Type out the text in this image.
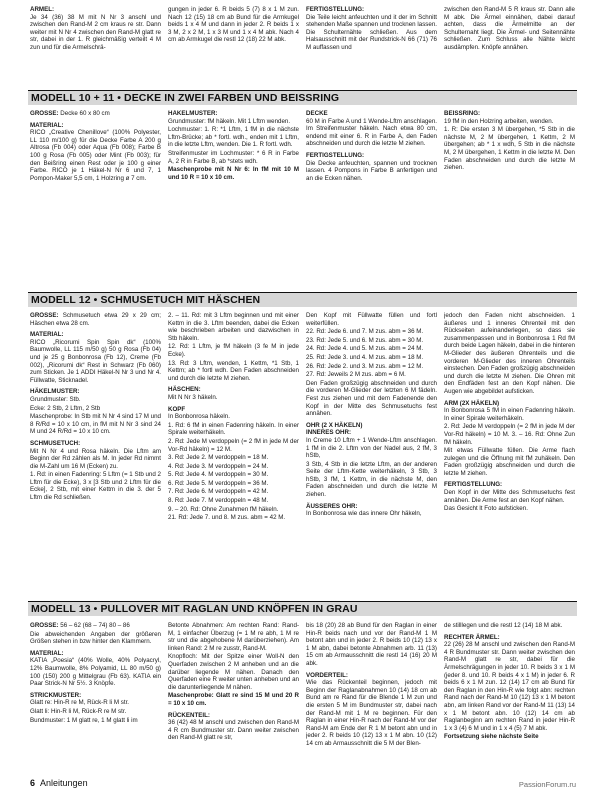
ÄRMEL:
Je 34 (36) 38 M mit N Nr 3 anschl und zwischen den Rand-M 2 cm kraus re str. Dann weiter mit N Nr 4 zwischen den Rand-M glatt re str, dabei in der 1. R gleichmäßig verteilt 4 M zun und für die Armelschrä-

gungen in jeder 6. R beids 5 (7) 8 x 1 M zun. Nach 12 (15) 18 cm ab Bund für die Armkugel beids 1 x 4 M und dann in jeder 2. R beids 1 x 3 M, 2 x 2 M, 1 x 3 M und 1 x 4 M abk. Nach 4 cm ab Armkugel die restl 12 (18) 22 M abk.

FERTIGSTELLUNG:
Die Teile leicht anfeuchten und it der im Schnitt stehenden Maße spannen und trocknen lassen. Die Schulternähte schließen. Aus dem Halsausschnitt mit der Rundstrick-N 66 (71) 76 M auffassen und

zwischen den Rand-M 5 R kraus str. Dann alle M abk. Die Ärmel einnähen, dabei darauf achten, dass die Ärmelmitte an der Schulternaht liegt. Die Ärmel- und Seitennähte schließen. Zum Schluss alle Nähte leicht ausdämpfen. Knöpfe annähen.

MODELL 10 + 11 • DECKE IN ZWEI FARBEN UND BEISSRING

GRÖSSE: Decke 60 x 80 cm

MATERIAL:

RICO „Creative Chenillove“ (100% Polyester, LL 110 m/100 g) für die Decke Farbe A 200 g Altrosa (Fb 004) oder Aqua (Fb 008); Farbe B 100 g Rosa (Fb 005) oder Mint (Fb 003); für den Beißring einen Rest oder je 100 g einer Farbe. RICO je 1 Häkel-N Nr 6 und 7, 1 Pompon-Maker 5,5 cm, 1 Holzring ø 7 cm.

HÄKELMUSTER:

Grundmuster: fM häkeln. Mit 1 Lftm wenden.

Lochmuster: 1. R: *1 Lftm, 1 fM in die nächste Lftm-Brücke; ab * fortl. wdh., enden mit 1 Lftm, in die letzte Lftm, wenden. Die 1. R fortl. wdh.

Streifenmuster im Lochmuster: * 6 R in Farbe A, 2 R in Farbe B, ab *stets wdh.

Maschenprobe mit N Nr 6: In fM mit 10 M und 10 R = 10 x 10 cm.

DECKE

60 M in Farbe A und 1 Wende-Lftm anschlagen. Im Streifenmuster häkeln. Nach etwa 80 cm, endend mit einer 6. R in Farbe A, den Faden abschneiden und durch die letzte M ziehen.

FERTIGSTELLUNG:

Die Decke anfeuchten, spannen und trocknen lassen. 4 Pompons in Farbe B anfertigen und an die Ecken nähen.

BEISSRING:

19 fM in den Holzring arbeiten, wenden.

1. R: Die ersten 3 M übergehen, *5 Stb in die nächste M, 2 M übergehen, 1 Kettm, 2 M übergehen; ab * 1 x wdh, 5 Stb in die nächste M, 2 M übergehen, 1 Kettm in die letzte M. Den Faden abschneiden und durch die letzte M ziehen.

MODELL 12 • SCHMUSETUCH MIT HÄSCHEN

GRÖSSE: Schmusetuch etwa 29 x 29 cm; Häschen etwa 28 cm.

MATERIAL:

RICO „Ricorumi Spin Spin dk“ (100% Baumwolle, LL 115 m/50 g) 50 g Rosa (Fb 04) und je 25 g Bonbonrosa (Fb 12), Creme (Fb 002), „Ricorumi dk“ Rest in Schwarz (Fb 060) zum Sticken. Je 1 ADDI Häkel-N Nr 3 und Nr 4. Füllwatte, Sticknadel.

HÄKELMUSTER:

Grundmuster: Stb.

Ecke: 2 Stb, 2 Lftm, 2 Stb

Maschenprobe: In Stb mit N Nr 4 sind 17 M und 8 R/Rd = 10 x 10 cm, in fM mit N Nr 3 sind 24 M und 24 R/Rd = 10 x 10 cm.

SCHMUSETUCH:

Mit N Nr 4 und Rosa häkeln. Die Lftm am Beginn der Rd zählen als M. In jeder Rd nimmt die M-Zahl um 16 M (Ecken) zu.

1. Rd: in einen Fadenring: 5 Lftm (= 1 Stb und 2 Lftm für die Ecke), 3 x [3 Stb und 2 Lftm für die Ecke], 2 Stb, mit einer Kettm in die 3. der 5 Lftm die Rd schließen.

2. – 11. Rd: mit 3 Lftm beginnen und mit einer Kettm in die 3. Lftm beenden, dabei die Ecken wie beschrieben arbeiten und dazwischen in Stb häkeln.

12. Rd: 1 Lftm, je fM häkeln (3 fe M in jede Ecke).

13. Rd: 3 Lftm, wenden, 1 Kettm, *1 Stb, 1 Kettm; ab * fortl wdh. Den Faden abschneiden und durch die letzte M ziehen.

HÄSCHEN:

Mit N Nr 3 häkeln.

KOPF

In Bonbonrosa häkeln.

1. Rd: 6 fM in einen Fadenring häkeln. In einer Spirale weiterhäkeln.

2. Rd: Jede M verdoppeln (= 2 fM in jede M der Vor-Rd häkeln) = 12 M.

3. Rd: Jede 2. M verdoppeln = 18 M.

4. Rd: Jede 3. M verdoppeln = 24 M.

5. Rd: Jede 4. M verdoppeln = 30 M.

6. Rd: Jede 5. M verdoppeln = 36 M.

7. Rd: Jede 6. M verdoppeln = 42 M.

8. Rd: Jede 7. M verdoppeln = 48 M.

9. – 20. Rd: Ohne Zunahmen fM häkeln.

21. Rd: Jede 7. und 8. M zus. abm = 42 M.

Den Kopf mit Füllwatte füllen und fortl weiterfüllen.

22. Rd: Jede 6. und 7. M zus. abm = 36 M.

23. Rd: Jede 5. und 6. M zus. abm = 30 M.

24. Rd: Jede 4. und 5. M zus. abm = 24 M.

25. Rd: Jede 3. und 4. M zus. abm = 18 M.

26. Rd: Jede 2. und 3. M zus. abm = 12 M.

27. Rd: Jeweils 2 M zus. abm = 6 M.

Den Faden großzügig abschneiden und durch die vorderen M-Glieder der letzten 6 M fädeln. Fest zus ziehen und mit dem Fadenende den Kopf in der Mitte des Schmusetuchs fest annähen.

OHR (2 X HÄKELN)
INNERES OHR:

In Creme 10 Lftm + 1 Wende-Lftm anschlagen. 1 fM in die 2. Lftm von der Nadel aus, 2 fM, 3 hStb,

3 Stb, 4 Stb in die letzte Lftm, an der anderen Seite der Lftm-Kette weiterhäkeln, 3 Stb, 3 hStb, 3 fM, 1 Kettm, in die nächste M, den Faden abschneiden und durch die letzte M ziehen.

ÄUSSERES OHR:

In Bonbonrosa wie das innere Ohr häkeln,

jedoch den Faden nicht abschneiden. 1 äußeres und 1 inneres Ohrenteil mit den Rückseiten aufeinanderlegen, so dass sie zusammenpassen und in Bonbonrosa 1 Rd fM durch beide Lagen häkeln, dabei in die hinteren M-Glieder des äußeren Ohrenteils und die vorderen M-Glieder des inneren Ohrenteils einstechen. Den Faden großzügig abschneiden und durch die letzte M ziehen. Die Ohren mit den Endfäden fest an den Kopf nähen. Die Augen wie abgebildet aufsticken.

ARM (2X HÄKELN)

In Bonbonrosa 5 fM in einen Fadenring häkeln. In einer Spirale weiterhäkeln.

2. Rd: Jede M verdoppeln (= 2 fM in jede M der Vor-Rd häkeln) = 10 M. 3. – 16. Rd: Ohne Zun fM häkeln.

Mit etwas Füllwatte füllen. Die Arme flach zulegen und die Öffnung mit fM zuhäkeln. Den Faden großzügig abschneiden und durch die letzte M ziehen.

FERTIGSTELLUNG:

Den Kopf in der Mitte des Schmusetuchs fest annähen. Die Arme fest an den Kopf nähen.

Das Gesicht lt Foto aufsticken.

MODELL 13 • PULLOVER MIT RAGLAN UND KNÖPFEN IN GRAU

GRÖSSE: 56 – 62 (68 – 74) 80 – 86

Die abweichenden Angaben der größeren Größen stehen in bzw hinter den Klammern.

MATERIAL:

KATIA „Poesia“ (40% Wolle, 40% Polyacryl, 12% Baumwolle, 8% Polyamid, LL 80 m/50 g) 100 (150) 200 g Mittelgrau (Fb 63). KATIA ein Paar Strick-N Nr 5½. 3 Knöpfe.

STRICKMUSTER:

Glatt re: Hin-R re M, Rück-R li M str.

Glatt li: Hin-R li M, Rück-R re M str.

Bundmuster: 1 M glatt re, 1 M glatt li im

Betonte Abnahmen: Am rechten Rand: Rand-M, 1 einfacher Überzug (= 1 M re abh, 1 M re str und die abgehobene M darüberziehen). Am linken Rand: 2 M re zusstr, Rand-M.

Knopfloch: Mit der Spitze einer Woll-N den Querfaden zwischen 2 M anheben und an die darüber liegende M nähen. Danach den Querfaden eine R weiter unten anheben und an die darunterliegende M nähen.

Maschenprobe: Glatt re sind 15 M und 20 R = 10 x 10 cm.

RÜCKENTEIL:

36 (42) 48 M anschl und zwischen den Rand-M 4 R cm Bundmuster str. Dann weiter zwischen den Rand-M glatt re str,

bis 18 (20) 28 ab Bund für den Raglan in einer Hin-R beids nach und vor der Rand-M 1 M betont abn und in jeder 2. R beids 10 (12) 13 x 1 M abn, dabei betonte Abnahmen arb. 11 (13) 15 cm ab Armausschnitt die restl 14 (16) 20 M abk.

VORDERTEIL:

Wie das Rückenteil beginnen, jedoch mit Beginn der Raglanabnahmen 10 (14) 18 cm ab Bund am re Rand für die Blende 1 M zun und die ersten 5 M im Bundmuster str, dabei nach der Rand-M mit 1 M re beginnen. Für den Raglan in einer Hin-R nach der Rand-M vor der Rand-M am Ende der R 1 M betont abn und in jeder 2. R beids 10 (12) 13 x 1 M abn. 10 (12) 14 cm ab Armausschnitt die 5 M der Blen-

de stilllegen und die restl 12 (14) 18 M abk.

RECHTER ÄRMEL:

22 (26) 28 M anschl und zwischen den Rand-M 4 R Bundmuster str. Dann weiter zwischen den Rand-M glatt re str, dabei für die Ärmelschrägungen in jeder 10. R beids 3 x 1 M (jeder 8. und 10. R beids 4 x 1 M) in jeder 6. R beids 6 x 1 M zun. 12 (14) 17 cm ab Bund für den Raglan in den Hin-R wie folgt abn: rechten Rand nach der Rand-M 10 (12) 13 x 1 M betont abn, am linken Rand vor der Rand-M 11 (13) 14 x 1 M betont abn. 10 (12) 14 cm ab Raglanbeginn am rechten Rand in jeder Hin-R 1 x 3 (4) 6 M und in 1 x 4 (5) 7 M abk.

Fortsetzung siehe nächste Seite

6 Anleitungen	PassionForum.ru
